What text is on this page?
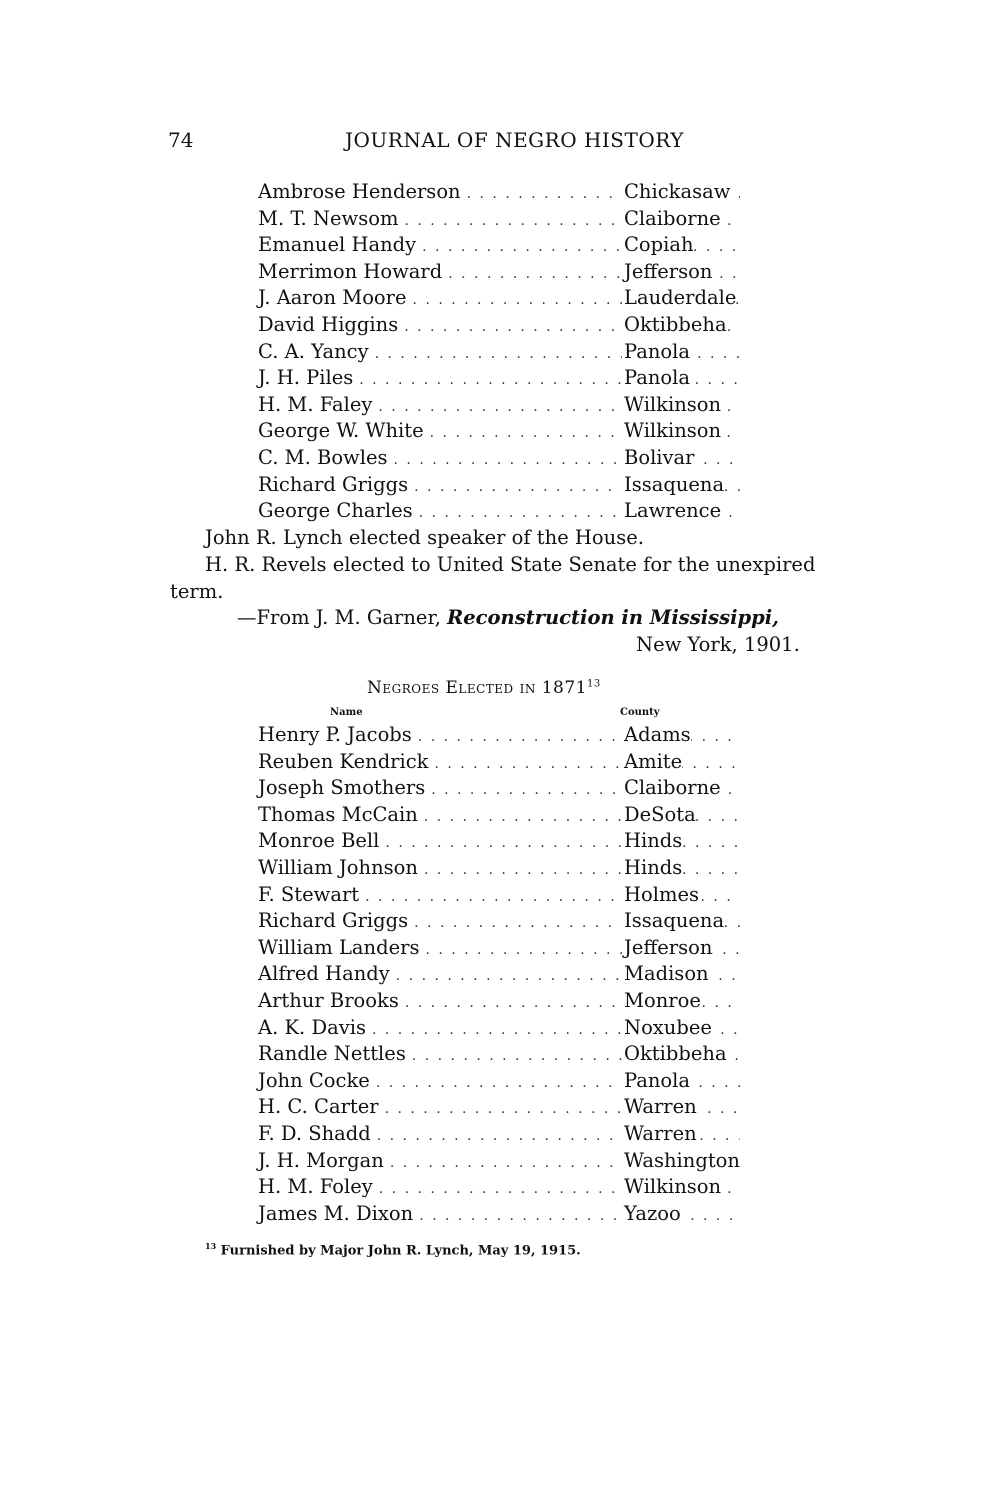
74	JOURNAL OF NEGRO HISTORY
Ambrose Henderson . . .	Chickasaw
M. T. Newsom . . .	Claiborne
Emanuel Handy . . .	Copiah
Merrimon Howard . . .	Jefferson
J. Aaron Moore . . .	Lauderdale
David Higgins . . .	Oktibbeha
C. A. Yancy . . .	Panola
J. H. Piles . . .	Panola
H. M. Faley . . .	Wilkinson
George W. White . . .	Wilkinson
C. M. Bowles . . .	Bolivar
Richard Griggs . . .	Issaquena
George Charles . . .	Lawrence
John R. Lynch elected speaker of the House.
H. R. Revels elected to United State Senate for the unexpired
term.
—From J. M. Garner, Reconstruction in Mississippi,
New York, 1901.
Negroes Elected in 1871$^{13}$
Name	County
Henry P. Jacobs . . .	Adams
Reuben Kendrick . . .	Amite
Joseph Smothers . . .	Claiborne
Thomas McCain . . .	DeSota
Monroe Bell . . .	Hinds
William Johnson . . .	Hinds
F. Stewart . . .	Holmes
Richard Griggs . . .	Issaquena
William Landers . . .	Jefferson
Alfred Handy . . .	Madison
Arthur Brooks . . .	Monroe
A. K. Davis . . .	Noxubee
Randle Nettles . . .	Oktibbeha
John Cocke . . .	Panola
H. C. Carter . . .	Warren
F. D. Shadd . . .	Warren
J. H. Morgan . . .	Washington
H. M. Foley . . .	Wilkinson
James M. Dixon . . .	Yazoo
$^{13}$ Furnished by Major John R. Lynch, May 19, 1915.
